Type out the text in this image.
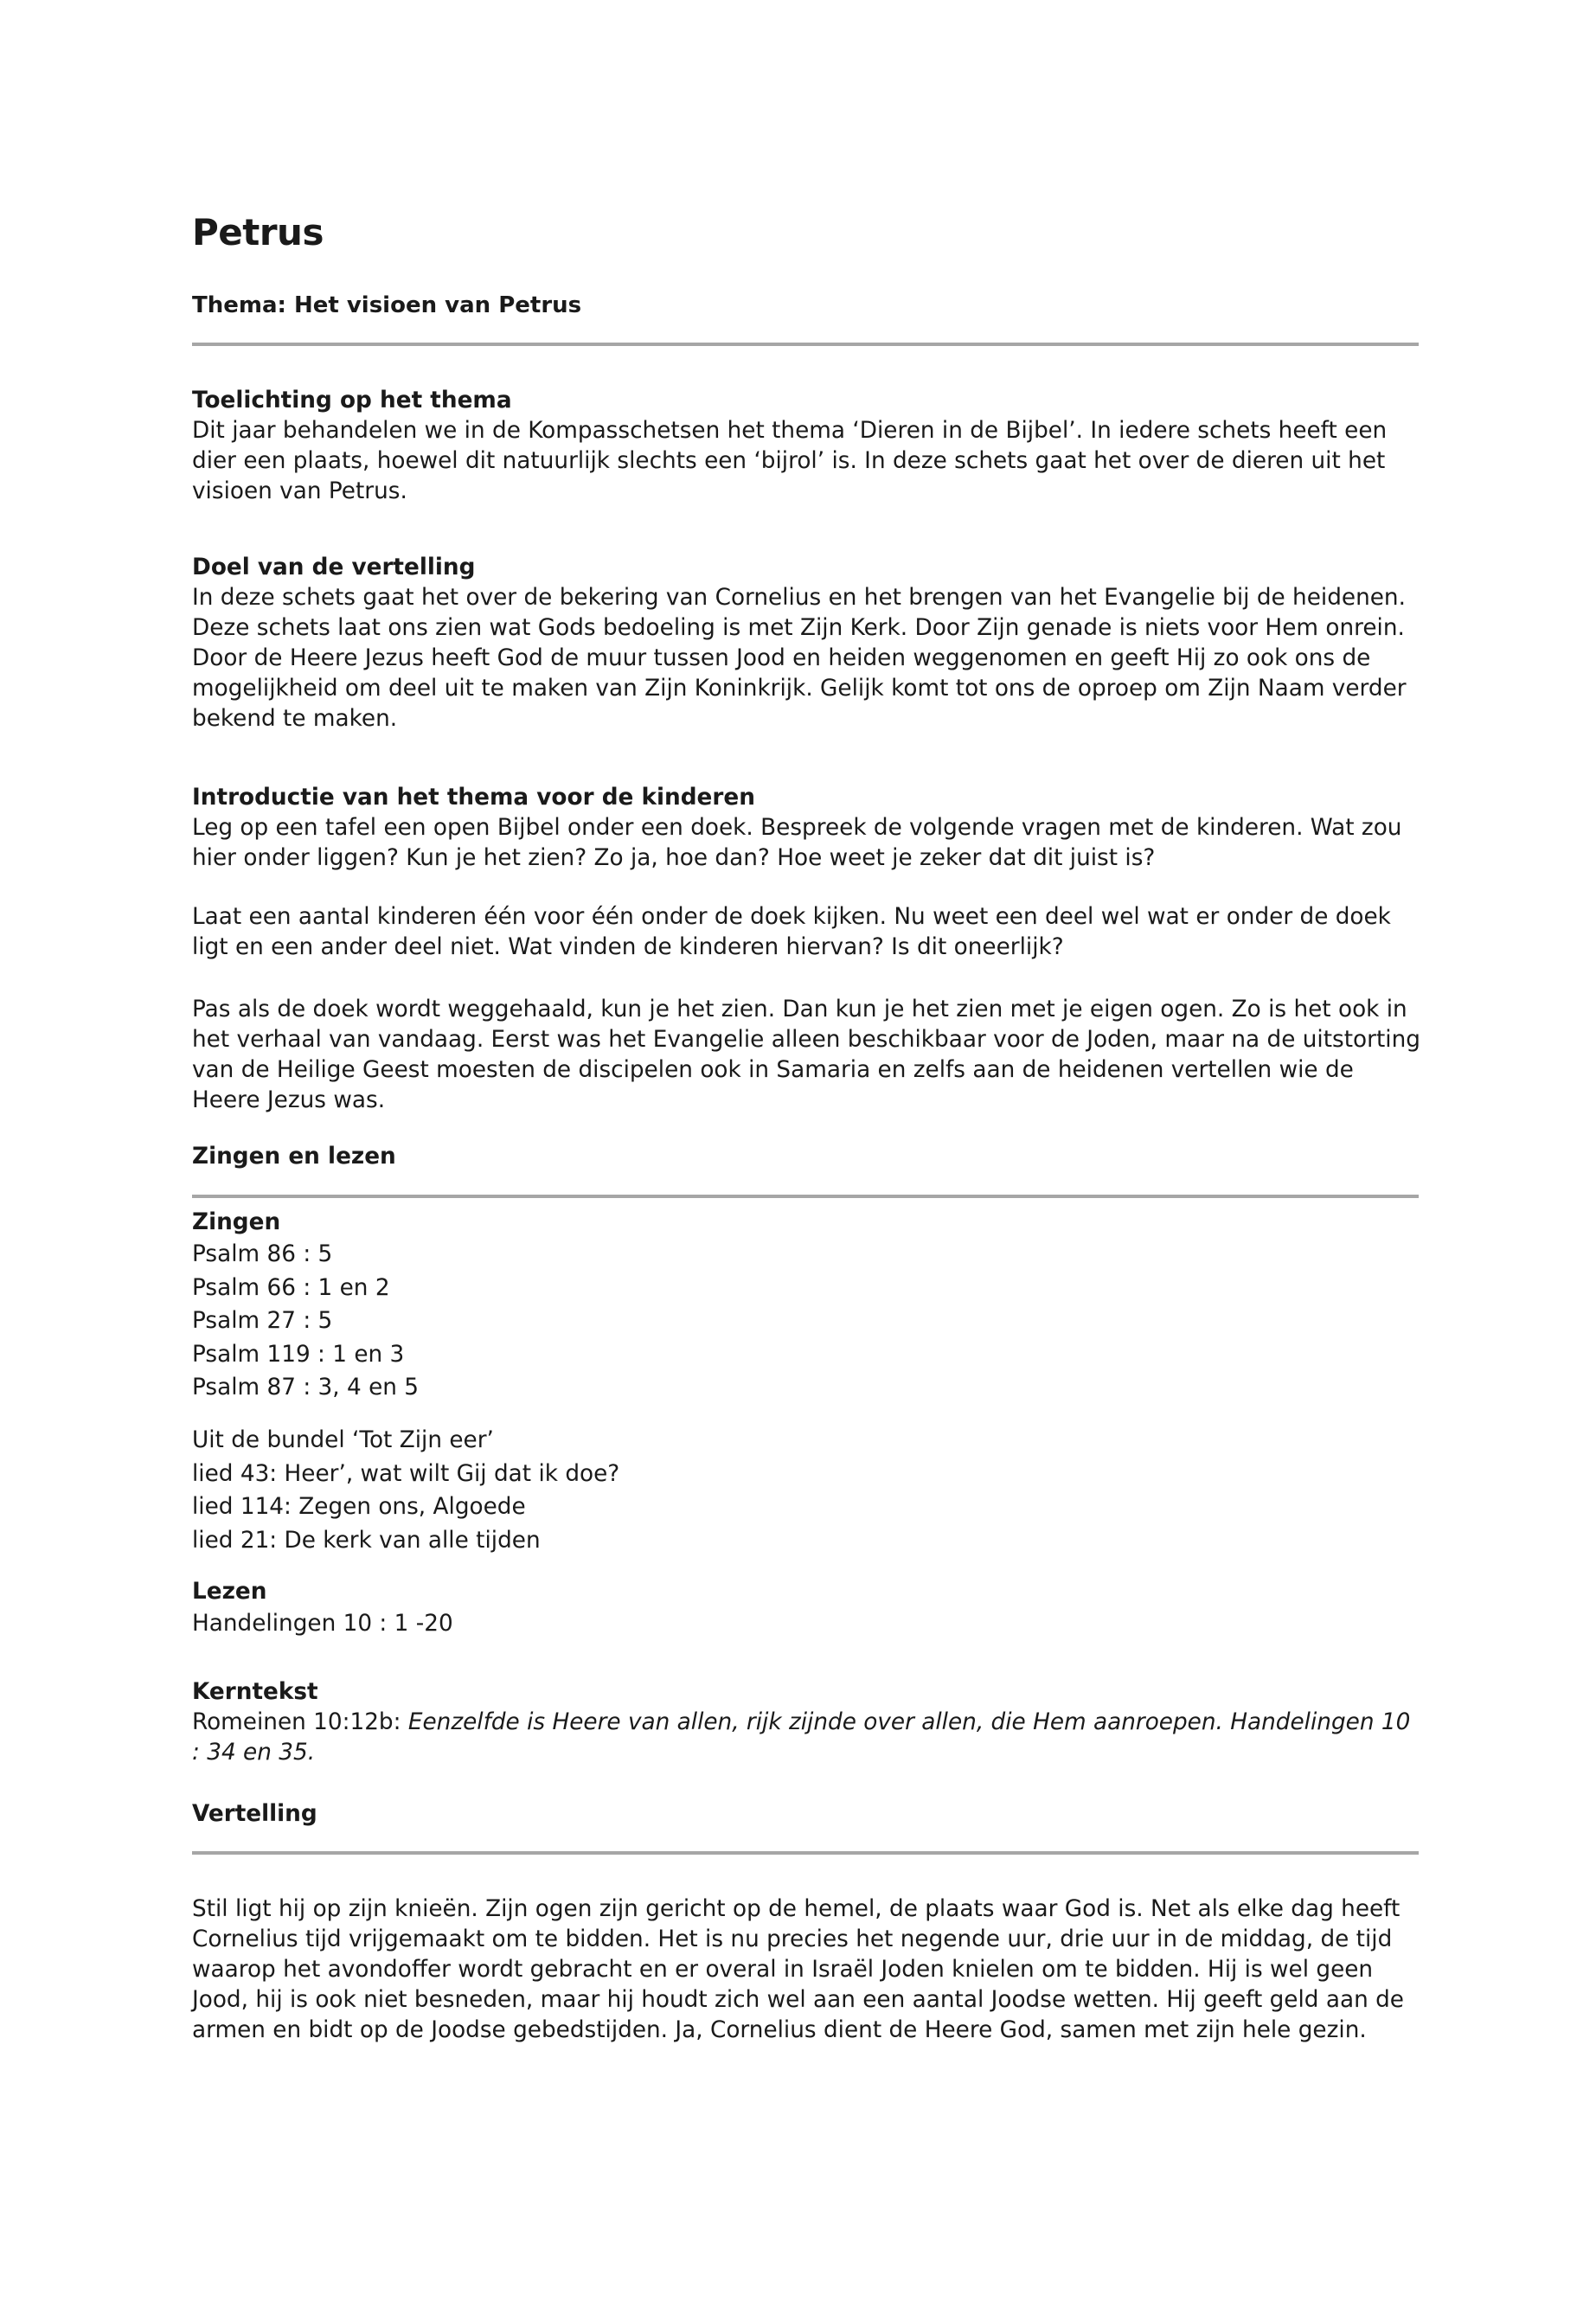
Petrus
Thema: Het visioen van Petrus
Toelichting op het thema

Dit jaar behandelen we in de Kompasschetsen het thema ‘Dieren in de Bijbel’. In iedere schets heeft een dier een plaats, hoewel dit natuurlijk slechts een ‘bijrol’ is. In deze schets gaat het over de dieren uit het visioen van Petrus.

Doel van de vertelling

In deze schets gaat het over de bekering van Cornelius en het brengen van het Evangelie bij de heidenen. Deze schets laat ons zien wat Gods bedoeling is met Zijn Kerk. Door Zijn genade is niets voor Hem onrein. Door de Heere Jezus heeft God de muur tussen Jood en heiden weggenomen en geeft Hij zo ook ons de mogelijkheid om deel uit te maken van Zijn Koninkrijk. Gelijk komt tot ons de oproep om Zijn Naam verder bekend te maken.

Introductie van het thema voor de kinderen

Leg op een tafel een open Bijbel onder een doek. Bespreek de volgende vragen met de kinderen. Wat zou hier onder liggen? Kun je het zien? Zo ja, hoe dan? Hoe weet je zeker dat dit juist is?

Laat een aantal kinderen één voor één onder de doek kijken. Nu weet een deel wel wat er onder de doek ligt en een ander deel niet. Wat vinden de kinderen hiervan? Is dit oneerlijk?

Pas als de doek wordt weggehaald, kun je het zien. Dan kun je het zien met je eigen ogen. Zo is het ook in het verhaal van vandaag. Eerst was het Evangelie alleen beschikbaar voor de Joden, maar na de uitstorting van de Heilige Geest moesten de discipelen ook in Samaria en zelfs aan de heidenen vertellen wie de Heere Jezus was.

Zingen en lezen
Zingen
Psalm 86 : 5
Psalm 66 : 1 en 2
Psalm 27 : 5
Psalm 119 : 1 en 3
Psalm 87 : 3, 4 en 5

Uit de bundel ‘Tot Zijn eer’

lied 43: Heer’, wat wilt Gij dat ik doe?
lied 114: Zegen ons, Algoede
lied 21: De kerk van alle tijden
Lezen

Handelingen 10 : 1 -20

Kerntekst

Romeinen 10:12b: Eenzelfde is Heere van allen, rijk zijnde over allen, die Hem aanroepen. Handelingen 10 : 34 en 35.

Vertelling

Stil ligt hij op zijn knieën. Zijn ogen zijn gericht op de hemel, de plaats waar God is. Net als elke dag heeft Cornelius tijd vrijgemaakt om te bidden. Het is nu precies het negende uur, drie uur in de middag, de tijd waarop het avondoffer wordt gebracht en er overal in Israël Joden knielen om te bidden. Hij is wel geen Jood, hij is ook niet besneden, maar hij houdt zich wel aan een aantal Joodse wetten. Hij geeft geld aan de armen en bidt op de Joodse gebedstijden. Ja, Cornelius dient de Heere God, samen met zijn hele gezin.
